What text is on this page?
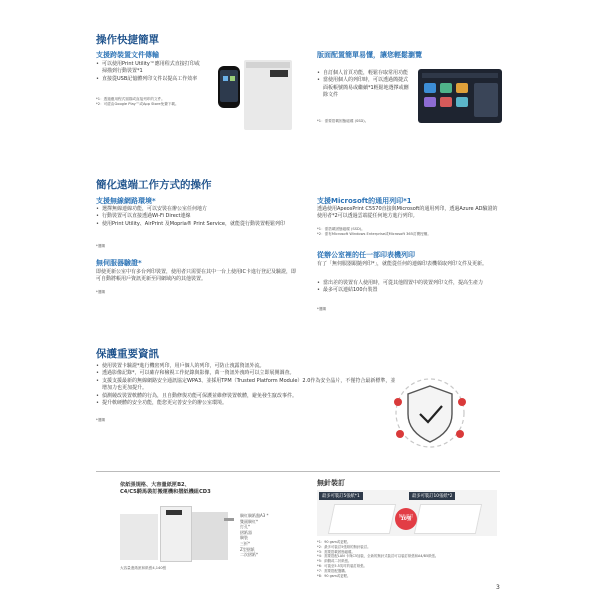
操作快捷簡單
支援跨裝置文件傳輸
• 可以使用Print Utility™應用程式直接打印或掃描到行動裝置*1
• 直接從USB記憶體列印文件以提高工作效率
*1：透過應用程式掃描或直接列印的文件。
*2：可經由Google Play™或App Store免費下載。
版面配置簡單易懂，讓您輕鬆瀏覽
• 自訂個人首頁功能，輕鬆存取常用功能
• 當使用個人的列印時，可以透過簡捷式面板帳號簡易或繼續*1輕鬆地選擇或刪除文件
*1：需要搭載固態磁碟 (SSD)。
簡化遠端工作方式的操作
支援無線網路環境*
• 選擇無線連線功能，可以安裝在辦公室任何地方
• 行動裝置可以直接透過Wi-Fi Direct連線
• 使用Print Utility、AirPrint 及Mopria® Print Service，就能從行動裝置輕鬆列印
*選購
無伺服器驗證*
即使更新公室中有多台列印裝置，使用者只需要在其中一台上使用IC卡進行登記及驗證，即可自動將帳用戶資訊更新至同網域內的其他裝置。
*選購
支援Microsoft的通用列印*1
透過使用ApeosPrint C5570直接與Microsoft的通用列印，透過Azure AD驗證的使用者*2可以透過雲端從任何地方進行列印。
*1：需搭載固態磁碟 (SSD)。
*2：需有Microsoft Windows Enterprise或Microsoft 365訂閱授權。
從辦公室裡的任一部印表機列印
有了「無伺服器跟隨列印*」，就能從任何的連線印表機領取列印文件及更新。
• 當出差的裝置有人使用時，可從其他閒置中的裝置列印文件，提高生產力
• 最多可以連結100台裝置
*選購
保護重要資訊
• 使用裝置卡驗證*進行機密列印，用戶個人的列印，可防止洩露資訊外流。
• 透過影像記錄*，可以確存和檢視工作紀錄與影像，萬一資訊外洩時可以立即展開調查。
• 支援支援最新的無線網路安全通訊協定WPA3、並採用TPM（Trusted Platform Module）2.0作為安全晶片，不僅符合最新標準，並增加力也更加提升。
• 偵測競改裝置軟體的行為，且自動修復功能可保護並維修裝置軟體，避免發生竄改事件。
• 提升軟硬體的安全功能，能您更完善安全的辦公室環境。
*選購
依紙張規格、大容量紙匣B2、
C4/C5騎馬裝訂搬運機和摺紙機組CD3
騎紅騎紙盤A3 *
雙副騎紅*
打孔*
摺紙器
騎裝
三折*
Z型摺紙
二次摺紙*
大容量進紙匣和紙張4,140張
無針裝訂
最多可裝訂5張紙*1	最多可裝訂10張紙*2
無針裝訂
10張
*1：90 gsm或更輕。
*2：最多可裝訂5張紙的無針裝訂。
*3：需要搭載固態磁碟。
*4：需要搭配LAN 卡與C5加裝，全新的無針式裝訂可以裝訂紙張和A4/B5紙張。
*5：兩側或二折紙張。
*6：可裝至5.5英吋的裝訂紙張。
*7：需要搭配選購。
*8：90 gsm或更輕。
3
